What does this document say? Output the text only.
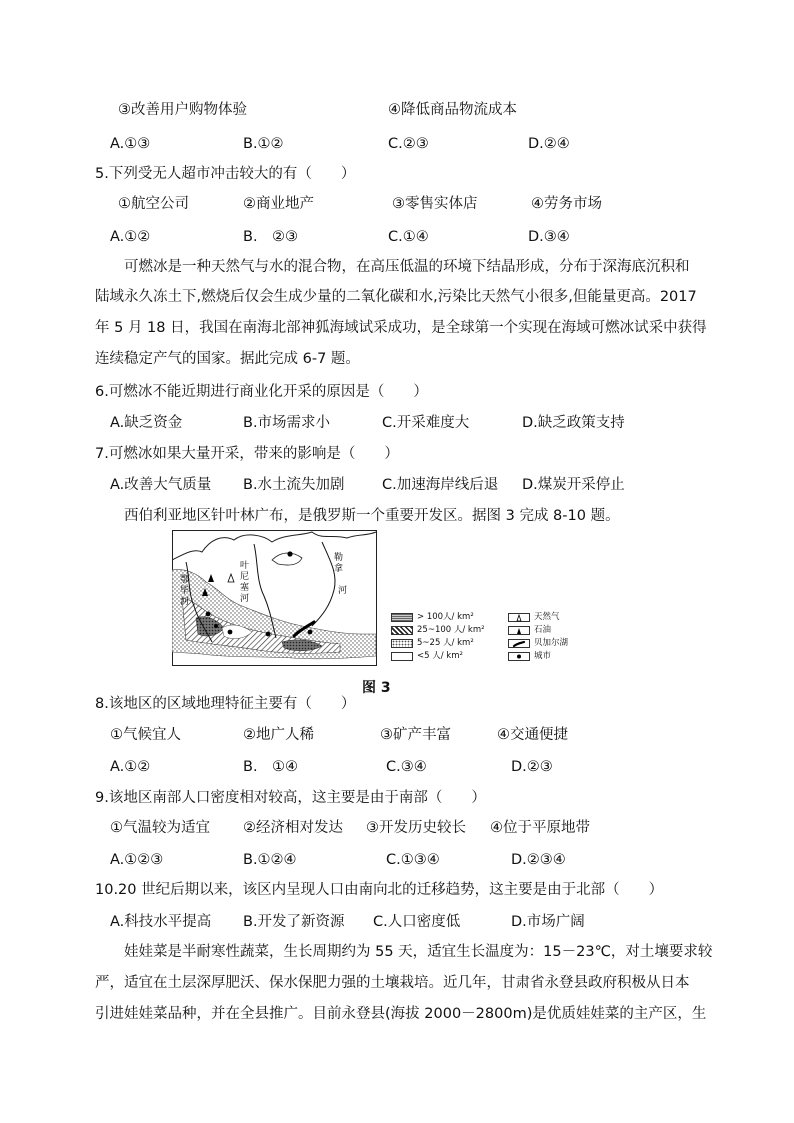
③改善用户购物体验	④降低商品物流成本
A.①③	B.①②	C.②③	D.②④
5.下列受无人超市冲击较大的有（　　）
①航空公司	②商业地产	③零售实体店	④劳务市场
A.①②	B.　②③	C.①④	D.③④
可燃冰是一种天然气与水的混合物，在高压低温的环境下结晶形成，分布于深海底沉积和
陆域永久冻土下,燃烧后仅会生成少量的二氧化碳和水,污染比天然气小很多,但能量更高。2017
年 5 月 18 日，我国在南海北部神狐海域试采成功，是全球第一个实现在海域可燃冰试采中获得
连续稳定产气的国家。据此完成 6-7 题。
6.可燃冰不能近期进行商业化开采的原因是（　　）
A.缺乏资金	B.市场需求小	C.开采难度大	D.缺乏政策支持
7.可燃冰如果大量开采，带来的影响是（　　）
A.改善大气质量 B.水土流失加剧	C.加速海岸线后退 D.煤炭开采停止
西伯利亚地区针叶林广布，是俄罗斯一个重要开发区。据图 3 完成 8-10 题。
鄂毕河
叶尼塞河
勒拿河
> 100人/ km²
25~100 人/ km²
5~25 人/ km²
<5 人/ km²
天然气
石油
贝加尔湖
城市
图 3
8.该地区的区域地理特征主要有（　　）
①气候宜人	②地广人稀	③矿产丰富	④交通便捷
A.①②	B.　①④	C.③④	D.②③
9.该地区南部人口密度相对较高，这主要是由于南部（　　）
①气温较为适宜 ②经济相对发达 ③开发历史较长 ④位于平原地带
A.①②③	B.①②④	C.①③④	D.②③④
10.20 世纪后期以来，该区内呈现人口由南向北的迁移趋势，这主要是由于北部（　　）
A.科技水平提高 B.开发了新资源 C.人口密度低	D.市场广阔
娃娃菜是半耐寒性蔬菜，生长周期约为 55 天，适宜生长温度为：15－23℃，对土壤要求较
严，适宜在土层深厚肥沃、保水保肥力强的土壤栽培。近几年，甘肃省永登县政府积极从日本
引进娃娃菜品种，并在全县推广。目前永登县(海拔 2000－2800m)是优质娃娃菜的主产区，生
